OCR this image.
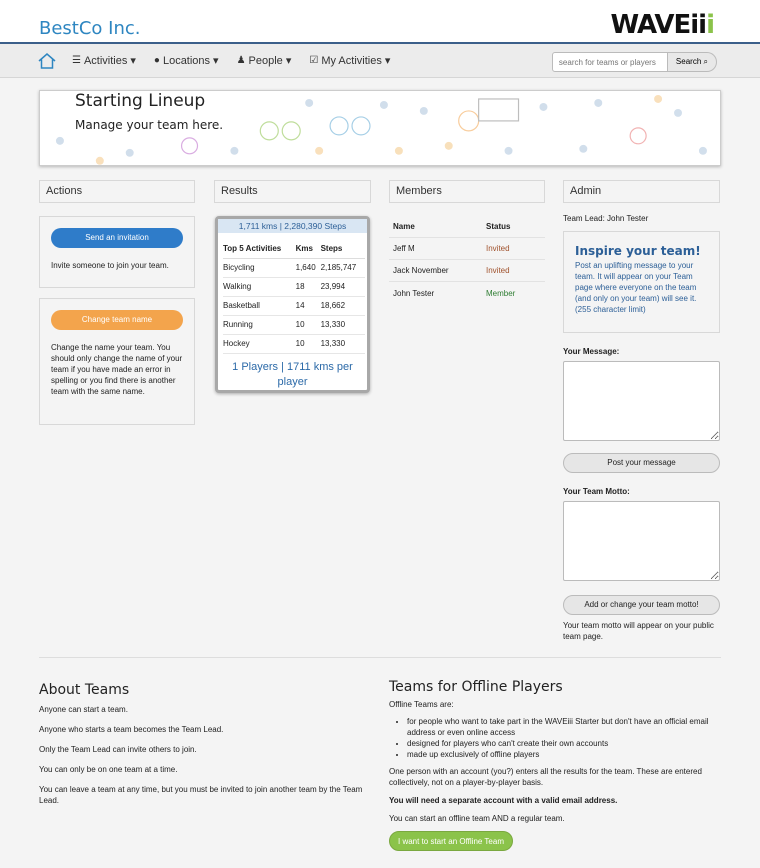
BestCo Inc.	WAVEiii
☰ Activities ▾ ● Locations ▾ ♟ People ▾ ☑ My Activities ▾
search for teams or players	Search ⌕
Starting Lineup

Manage your team here.

Actions	Results	Members	Admin
Send an invitation
Invite someone to join your team.
Change team name
Change the name your team. You should only change the name of your team if you have made an error in spelling or you find there is another team with the same name.
1,711 kms | 2,280,390 Steps
Top 5 Activities	Kms	Steps
Bicycling	1,640	2,185,747
Walking	18	23,994
Basketball	14	18,662
Running	10	13,330
Hockey	10	13,330
1 Players | 1711 kms per player
Name	Status
Jeff M	Invited
Jack November	Invited
John Tester	Member
Team Lead: John Tester
Inspire your team!

Post an uplifting message to your team. It will appear on your Team page where everyone on the team (and only on your team) will see it. (255 character limit)

Your Message:
Post your message
Your Team Motto:
Add or change your team motto!
Your team motto will appear on your public team page.
About Teams

Anyone can start a team.

Anyone who starts a team becomes the Team Lead.

Only the Team Lead can invite others to join.

You can only be on one team at a time.

You can leave a team at any time, but you must be invited to join another team by the Team Lead.

Teams for Offline Players
Offline Teams are:
• for people who want to take part in the WAVEiii Starter but don't have an official email address or even online access
• designed for players who can't create their own accounts
• made up exclusively of offline players

One person with an account (you?) enters all the results for the team. These are entered collectively, not on a player-by-player basis.

You will need a separate account with a valid email address.

You can start an offline team AND a regular team.

I want to start an Offline Team
